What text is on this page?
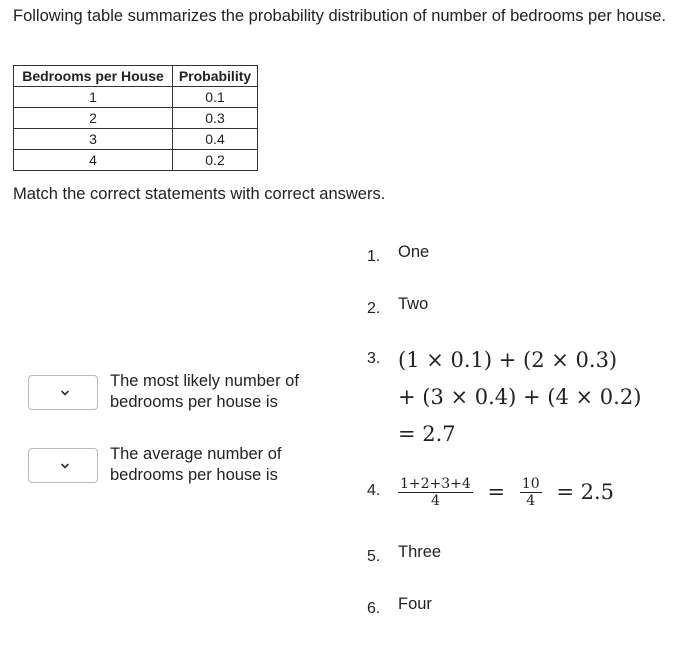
Following table summarizes the probability distribution of number of bedrooms per house.

Bedrooms per House	Probability
1	0.1
2	0.3
3	0.4
4	0.2

Match the correct statements with correct answers.

The most likely number of bedrooms per house is
The average number of bedrooms per house is
1.	One
2.	Two
3. (1 × 0.1) + (2 × 0.3)
+ (3 × 0.4) + (4 × 0.2)
= 2.7
4.	$\frac{1+2+3+4}{4} = \frac{10}{4} = 2.5$
5.	Three
6.	Four
